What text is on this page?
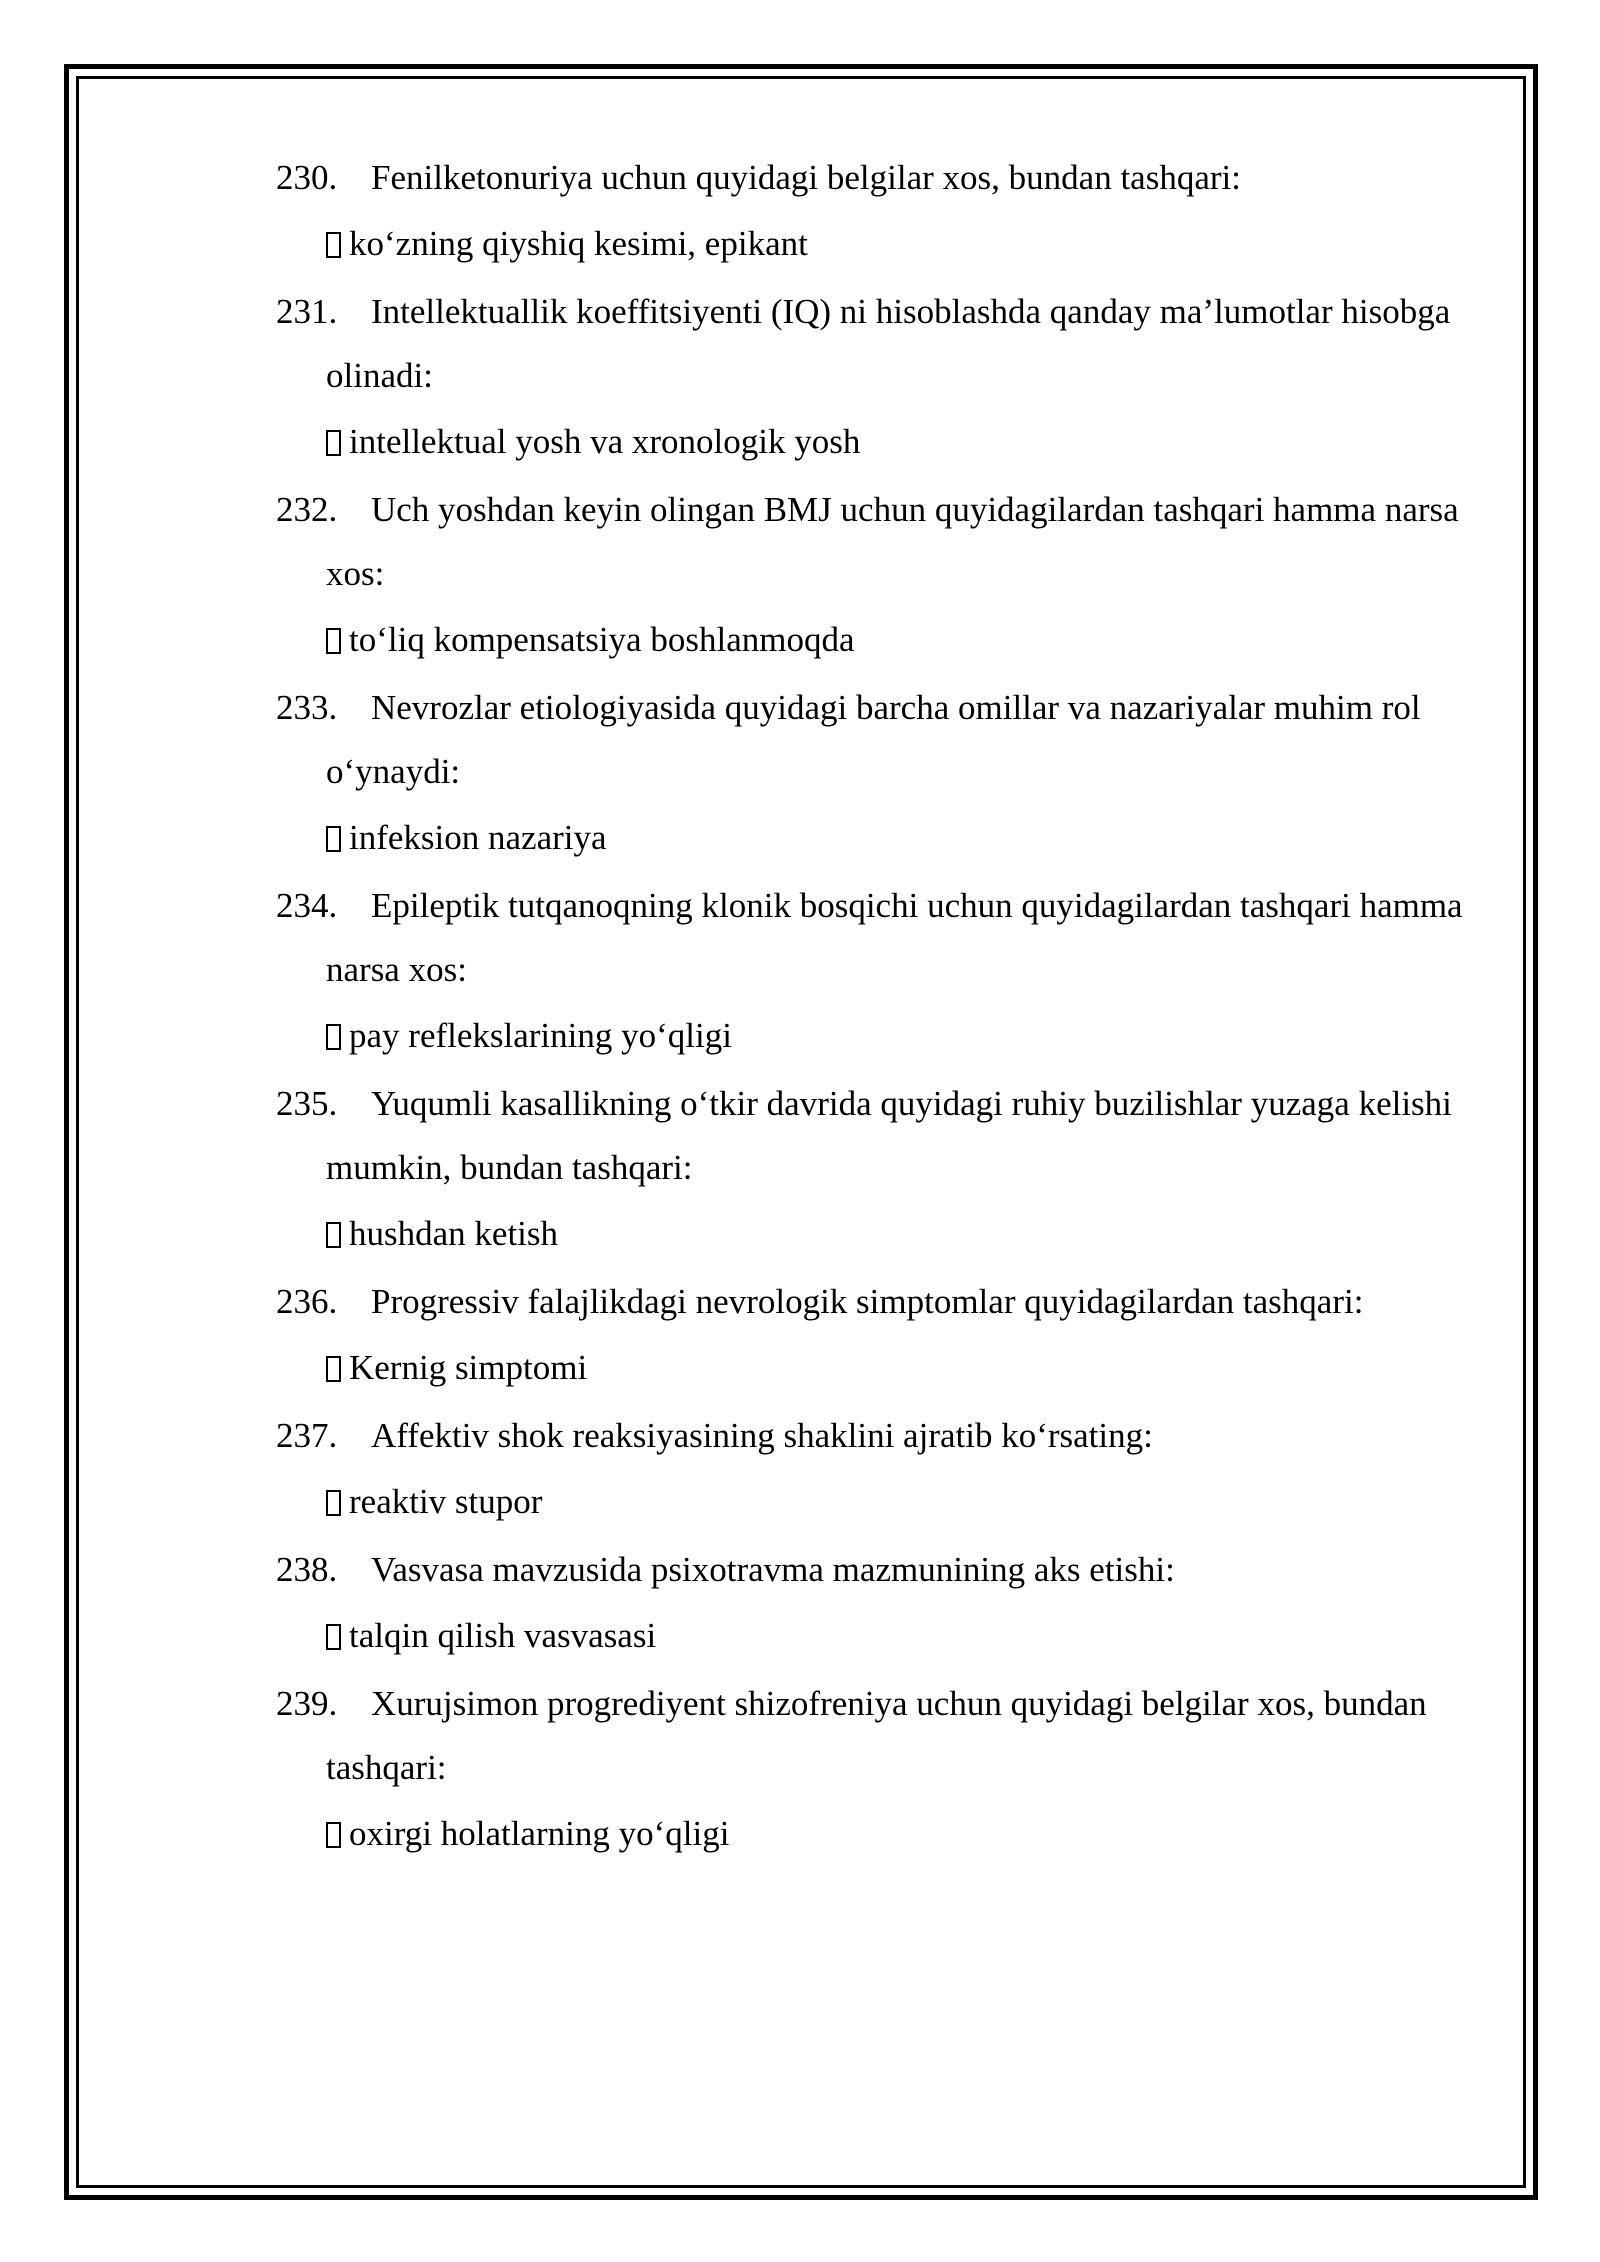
230. Fenilketonuriya uchun quyidagi belgilar xos, bundan tashqari:
ko‘zning qiyshiq kesimi, epikant
231. Intellektuallik koeffitsiyenti (IQ) ni hisoblashda qanday ma’lumotlar hisobga olinadi:
intellektual yosh va xronologik yosh
232. Uch yoshdan keyin olingan BMJ uchun quyidagilardan tashqari hamma narsa xos:
to‘liq kompensatsiya boshlanmoqda
233. Nevrozlar etiologiyasida quyidagi barcha omillar va nazariyalar muhim rol o‘ynaydi:
infeksion nazariya
234. Epileptik tutqanoqning klonik bosqichi uchun quyidagilardan tashqari hamma narsa xos:
pay reflekslarining yo‘qligi
235. Yuqumli kasallikning o‘tkir davrida quyidagi ruhiy buzilishlar yuzaga kelishi mumkin, bundan tashqari:
hushdan ketish
236. Progressiv falajlikdagi nevrologik simptomlar quyidagilardan tashqari:
Kernig simptomi
237. Affektiv shok reaksiyasining shaklini ajratib ko‘rsating:
reaktiv stupor
238. Vasvasa mavzusida psixotravma mazmunining aks etishi:
talqin qilish vasvasasi
239. Xurujsimon progrediyent shizofreniya uchun quyidagi belgilar xos, bundan tashqari:
oxirgi holatlarning yo‘qligi
